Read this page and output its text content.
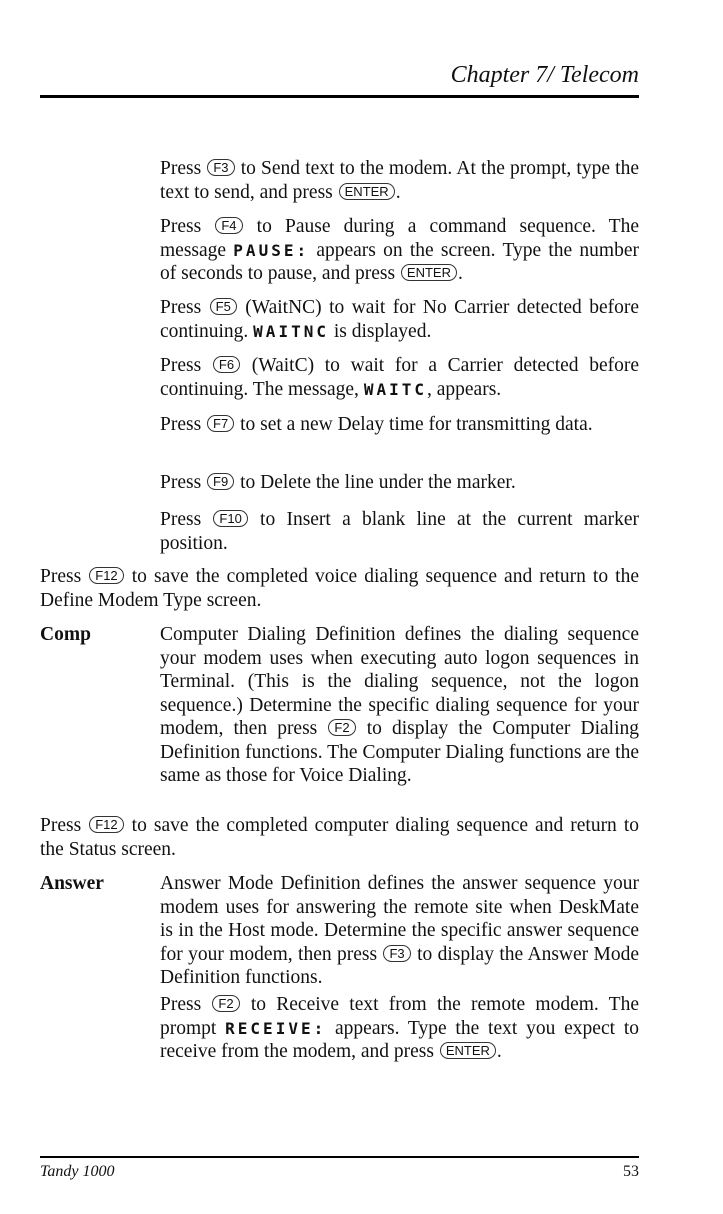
Chapter 7/ Telecom

Press F3 to Send text to the modem. At the prompt, type the text to send, and press ENTER .

Press F4 to Pause during a command sequence. The message PAUSE: appears on the screen. Type the number of seconds to pause, and press ENTER .

Press F5 (WaitNC) to wait for No Carrier detected before continuing. WAITNC is displayed.

Press F6 (WaitC) to wait for a Carrier detected before continuing. The message, WAITC, appears.

Press F7 to set a new Delay time for transmitting data.

Press F9 to Delete the line under the marker.

Press F10 to Insert a blank line at the current marker position.

Press F12 to save the completed voice dialing sequence and return to the Define Modem Type screen.

Comp	Computer Dialing Definition defines the dialing sequence your modem uses when executing auto logon sequences in Terminal. (This is the dialing sequence, not the logon sequence.) Determine the specific dialing sequence for your modem, then press F2 to display the Computer Dialing Definition functions. The Computer Dialing functions are the same as those for Voice Dialing.

Press F12 to save the completed computer dialing sequence and return to the Status screen.

Answer	Answer Mode Definition defines the answer sequence your modem uses for answering the remote site when DeskMate is in the Host mode. Determine the specific answer sequence for your modem, then press F3 to display the Answer Mode Definition functions.

Press F2 to Receive text from the remote modem. The prompt RECEIVE: appears. Type the text you expect to receive from the modem, and press ENTER .

Tandy 1000	53
